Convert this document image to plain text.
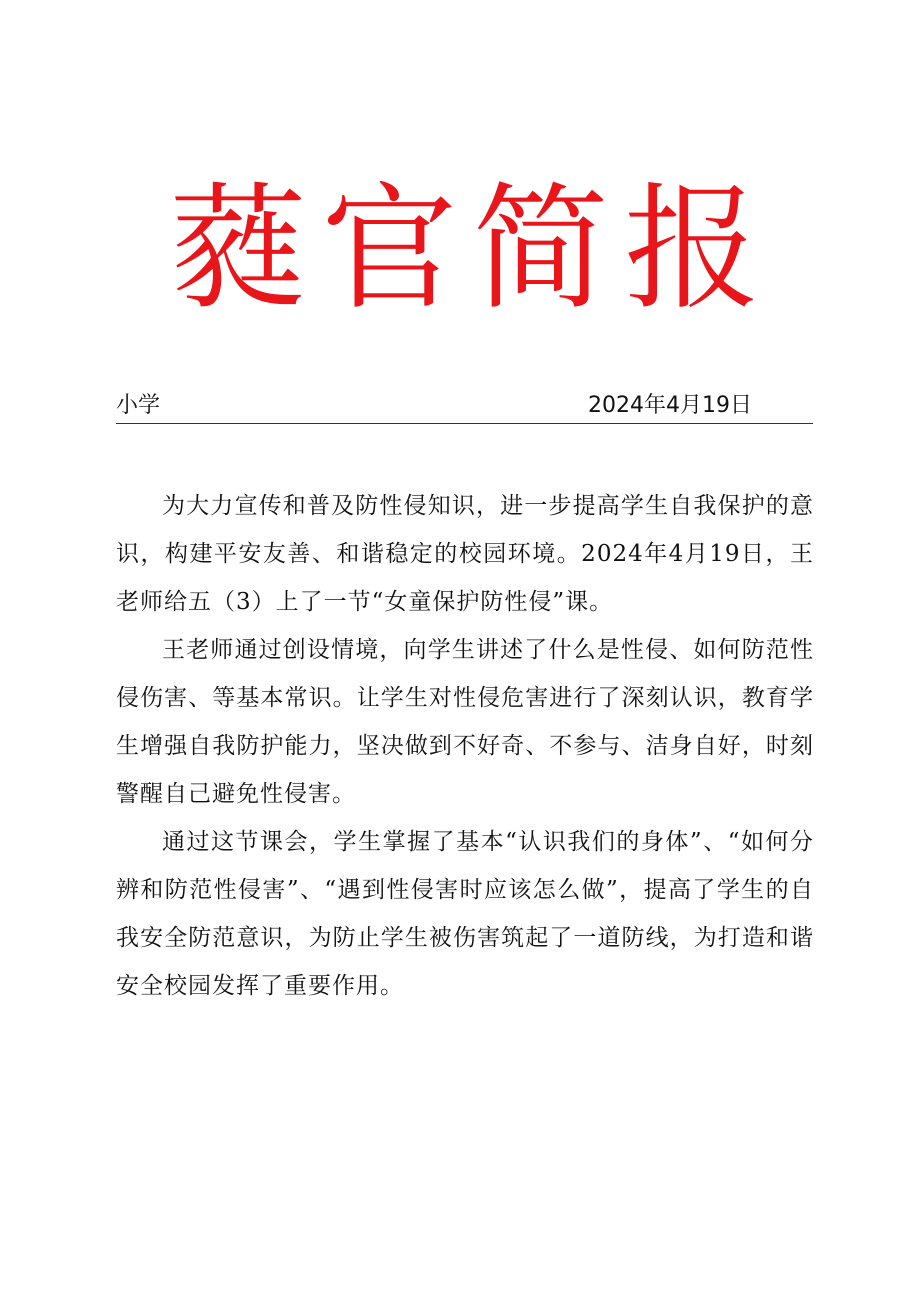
蕤 官 简 报
小学	2024年4月19日

为大力宣传和普及防性侵知识，进一步提高学生自我保护的意识，构建平安友善、和谐稳定的校园环境。2024年4月19日，王老师给五（3）上了一节“女童保护防性侵”课。

王老师通过创设情境，向学生讲述了什么是性侵、如何防范性侵伤害、等基本常识。让学生对性侵危害进行了深刻认识，教育学生增强自我防护能力，坚决做到不好奇、不参与、洁身自好，时刻警醒自己避免性侵害。

通过这节课会，学生掌握了基本“认识我们的身体”、“如何分辨和防范性侵害”、“遇到性侵害时应该怎么做”，提高了学生的自我安全防范意识，为防止学生被伤害筑起了一道防线，为打造和谐安全校园发挥了重要作用。
